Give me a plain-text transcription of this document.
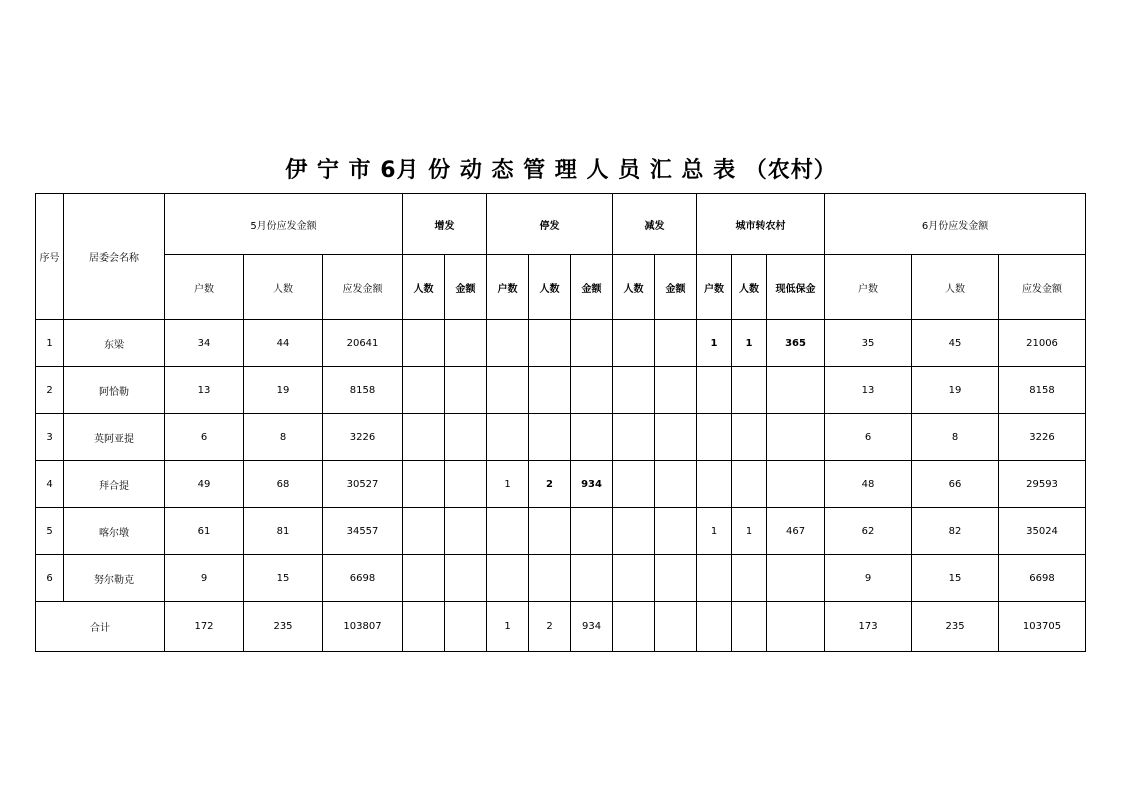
伊 宁 市 6月 份 动 态 管 理 人 员 汇 总 表 （农村）
序号	居委会名称	5月份应发金额			增发		停发			减发		城市转农村			6月份应发金额		
		户数	人数	应发金额	人数	金额	户数	人数	金额	人数	金额	户数	人数	现低保金	户数	人数	应发金额
1	东梁	34	44	20641								1	1	365	35	45	21006
2	阿恰勒	13	19	8158											13	19	8158
3	英阿亚提	6	8	3226											6	8	3226
4	拜合提	49	68	30527			1	2	934						48	66	29593
5	喀尔墩	61	81	34557								1	1	467	62	82	35024
6	努尔勒克	9	15	6698											9	15	6698
合计		172	235	103807			1	2	934						173	235	103705
